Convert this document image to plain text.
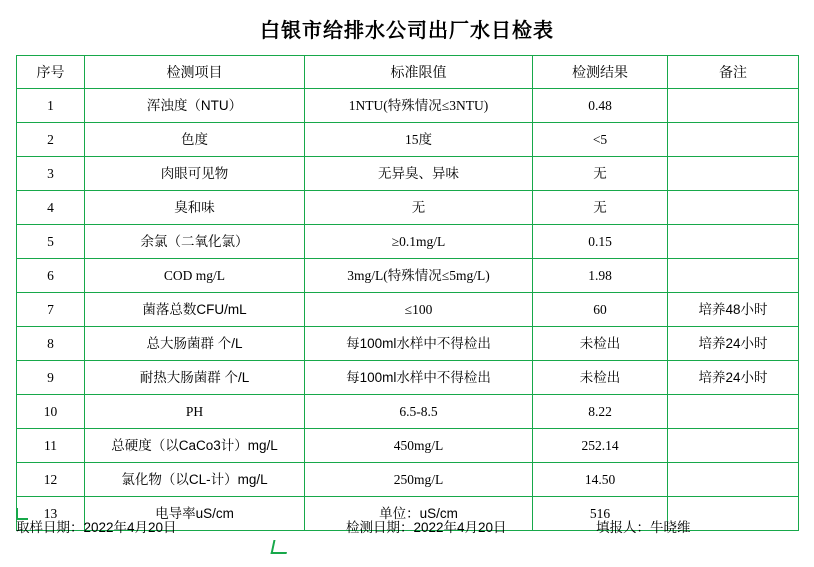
白银市给排水公司出厂水日检表
序号	检测项目	标准限值	检测结果	备注
1	浑浊度（NTU）	1NTU(特殊情况≤3NTU)	0.48	
2	色度	15度	<5	
3	肉眼可见物	无异臭、异味	无	
4	臭和味	无	无	
5	余氯（二氧化氯）	≥0.1mg/L	0.15	
6	COD mg/L	3mg/L(特殊情况≤5mg/L)	1.98	
7	菌落总数CFU/mL	≤100	60	培养48小时
8	总大肠菌群 个/L	每100ml水样中不得检出	未检出	培养24小时
9	耐热大肠菌群 个/L	每100ml水样中不得检出	未检出	培养24小时
10	PH	6.5-8.5	8.22	
11	总硬度（以CaCo3计）mg/L	450mg/L	252.14	
12	氯化物（以CL-计）mg/L	250mg/L	14.50	
13	电导率uS/cm	单位：uS/cm	516	
取样日期：2022年4月20日	检测日期：2022年4月20日	填报人：牛晓维
